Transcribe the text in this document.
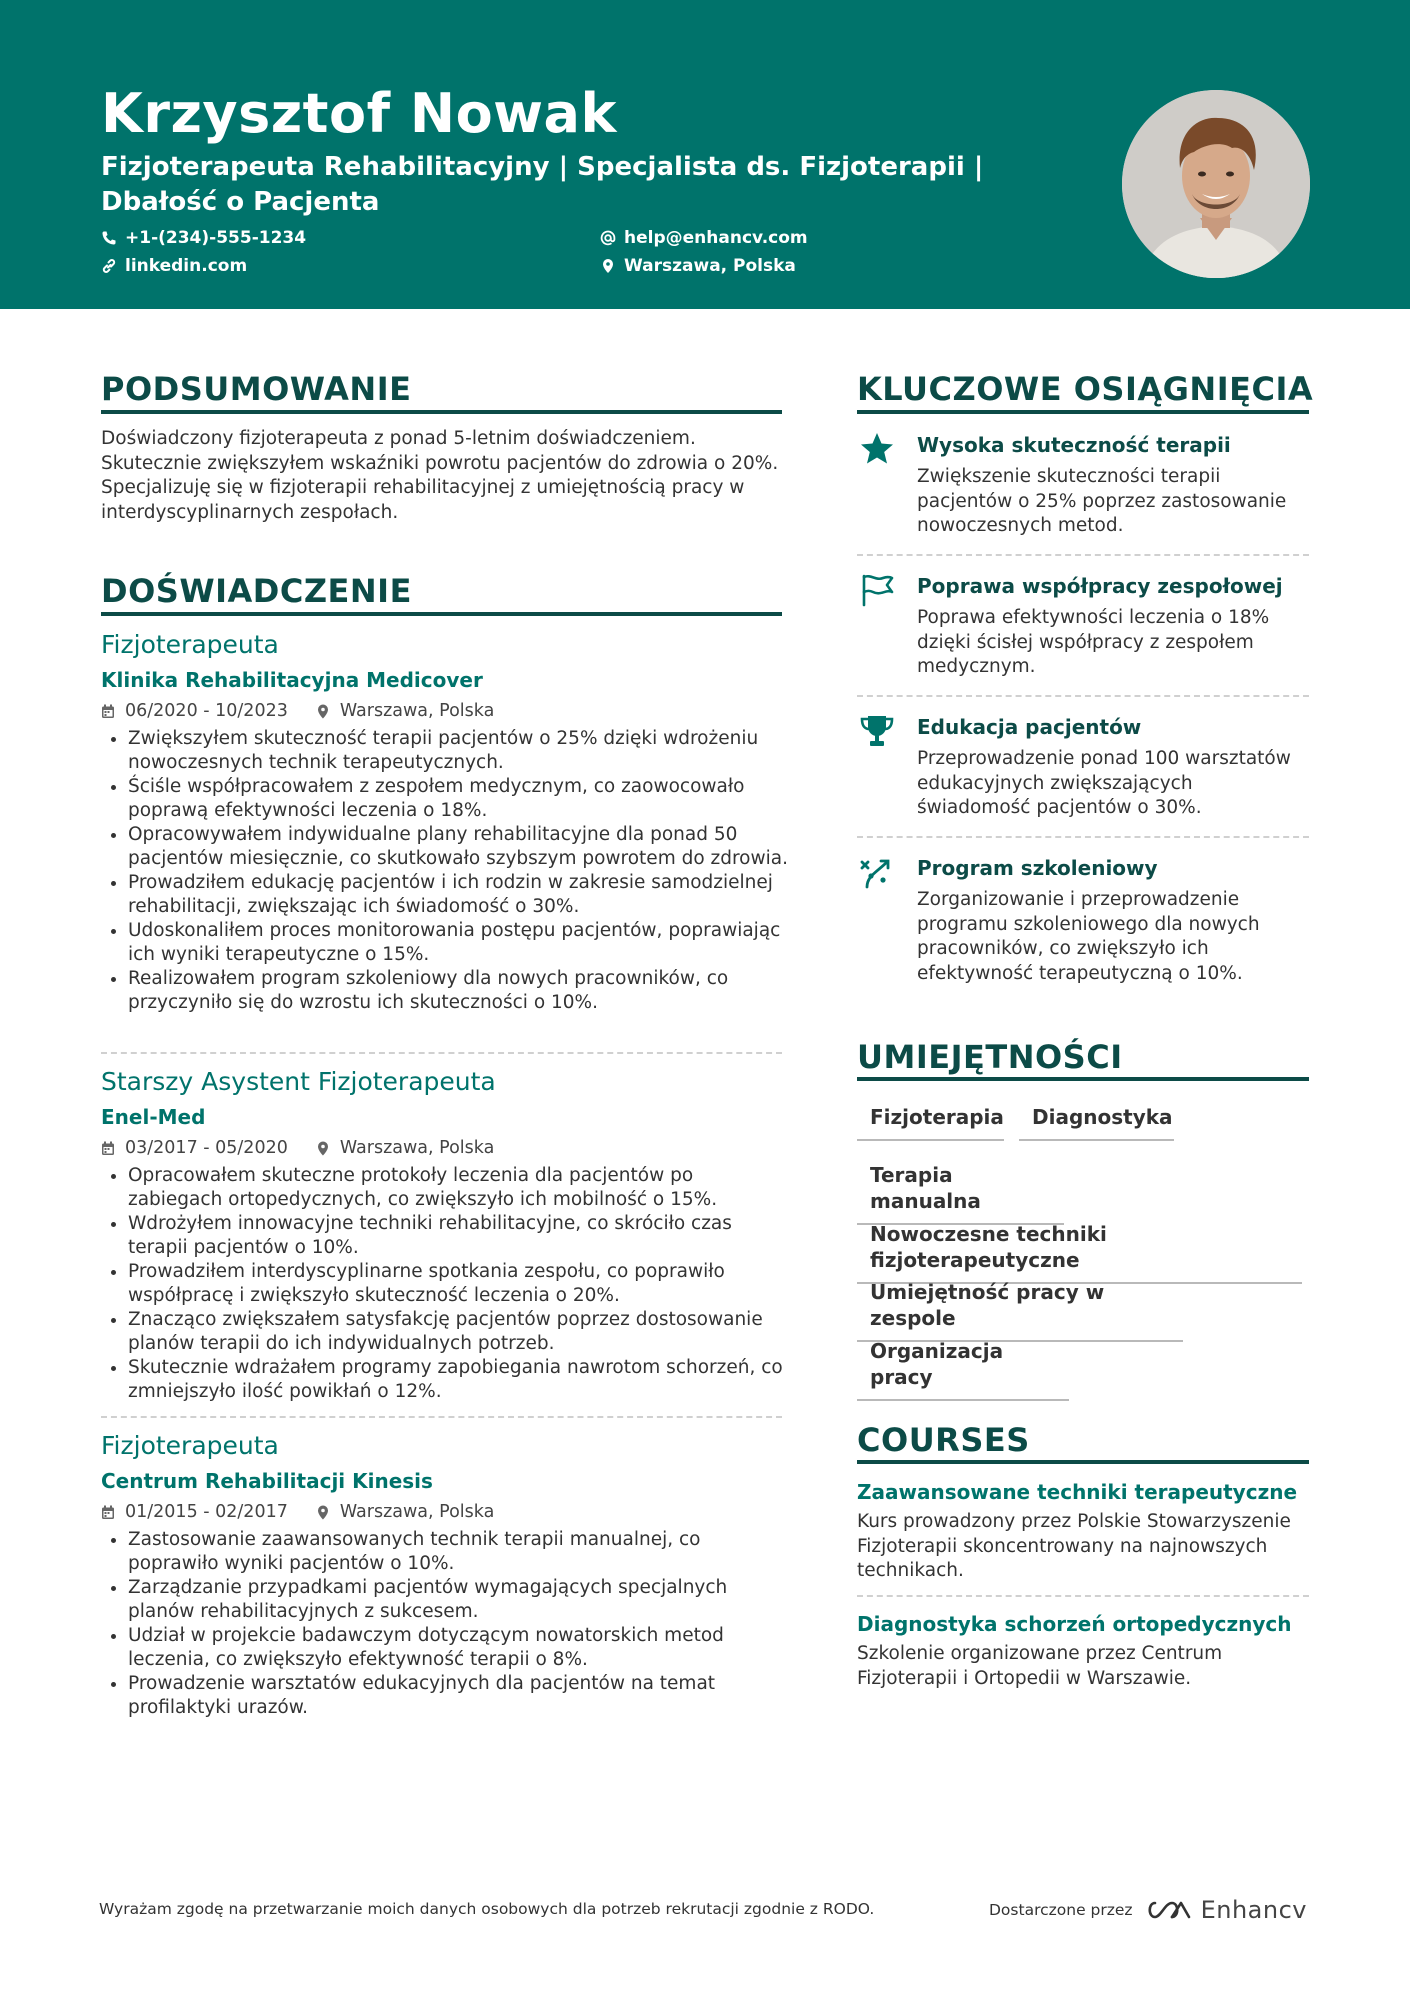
Krzysztof Nowak
Fizjoterapeuta Rehabilitacyjny | Specjalista ds. Fizjoterapii | Dbałość o Pacjenta
+1-(234)-555-1234
linkedin.com
help@enhancv.com
Warszawa, Polska
PODSUMOWANIE
Doświadczony fizjoterapeuta z ponad 5-letnim doświadczeniem. Skutecznie zwiększyłem wskaźniki powrotu pacjentów do zdrowia o 20%. Specjalizuję się w fizjoterapii rehabilitacyjnej z umiejętnością pracy w interdyscyplinarnych zespołach.
DOŚWIADCZENIE
Fizjoterapeuta
Klinika Rehabilitacyjna Medicover
06/2020 - 10/2023	Warszawa, Polska
• Zwiększyłem skuteczność terapii pacjentów o 25% dzięki wdrożeniu nowoczesnych technik terapeutycznych.
• Ściśle współpracowałem z zespołem medycznym, co zaowocowało poprawą efektywności leczenia o 18%.
• Opracowywałem indywidualne plany rehabilitacyjne dla ponad 50 pacjentów miesięcznie, co skutkowało szybszym powrotem do zdrowia.
• Prowadziłem edukację pacjentów i ich rodzin w zakresie samodzielnej rehabilitacji, zwiększając ich świadomość o 30%.
• Udoskonaliłem proces monitorowania postępu pacjentów, poprawiając ich wyniki terapeutyczne o 15%.
• Realizowałem program szkoleniowy dla nowych pracowników, co przyczyniło się do wzrostu ich skuteczności o 10%.
Starszy Asystent Fizjoterapeuta
Enel-Med
03/2017 - 05/2020	Warszawa, Polska
• Opracowałem skuteczne protokoły leczenia dla pacjentów po zabiegach ortopedycznych, co zwiększyło ich mobilność o 15%.
• Wdrożyłem innowacyjne techniki rehabilitacyjne, co skróciło czas terapii pacjentów o 10%.
• Prowadziłem interdyscyplinarne spotkania zespołu, co poprawiło współpracę i zwiększyło skuteczność leczenia o 20%.
• Znacząco zwiększałem satysfakcję pacjentów poprzez dostosowanie planów terapii do ich indywidualnych potrzeb.
• Skutecznie wdrażałem programy zapobiegania nawrotom schorzeń, co zmniejszyło ilość powikłań o 12%.
Fizjoterapeuta
Centrum Rehabilitacji Kinesis
01/2015 - 02/2017	Warszawa, Polska
• Zastosowanie zaawansowanych technik terapii manualnej, co poprawiło wyniki pacjentów o 10%.
• Zarządzanie przypadkami pacjentów wymagających specjalnych planów rehabilitacyjnych z sukcesem.
• Udział w projekcie badawczym dotyczącym nowatorskich metod leczenia, co zwiększyło efektywność terapii o 8%.
• Prowadzenie warsztatów edukacyjnych dla pacjentów na temat profilaktyki urazów.
KLUCZOWE OSIĄGNIĘCIA
Wysoka skuteczność terapii
Zwiększenie skuteczności terapii pacjentów o 25% poprzez zastosowanie nowoczesnych metod.
Poprawa współpracy zespołowej
Poprawa efektywności leczenia o 18% dzięki ścisłej współpracy z zespołem medycznym.
Edukacja pacjentów
Przeprowadzenie ponad 100 warsztatów edukacyjnych zwiększających świadomość pacjentów o 30%.
Program szkoleniowy
Zorganizowanie i przeprowadzenie programu szkoleniowego dla nowych pracowników, co zwiększyło ich efektywność terapeutyczną o 10%.
UMIEJĘTNOŚCI
Fizjoterapia	Diagnostyka
Terapia manualna
Nowoczesne techniki fizjoterapeutyczne
Umiejętność pracy w zespole
Organizacja pracy
COURSES
Zaawansowane techniki terapeutyczne
Kurs prowadzony przez Polskie Stowarzyszenie Fizjoterapii skoncentrowany na najnowszych technikach.
Diagnostyka schorzeń ortopedycznych
Szkolenie organizowane przez Centrum Fizjoterapii i Ortopedii w Warszawie.
Wyrażam zgodę na przetwarzanie moich danych osobowych dla potrzeb rekrutacji zgodnie z RODO.	Dostarczone przez	Enhancv
